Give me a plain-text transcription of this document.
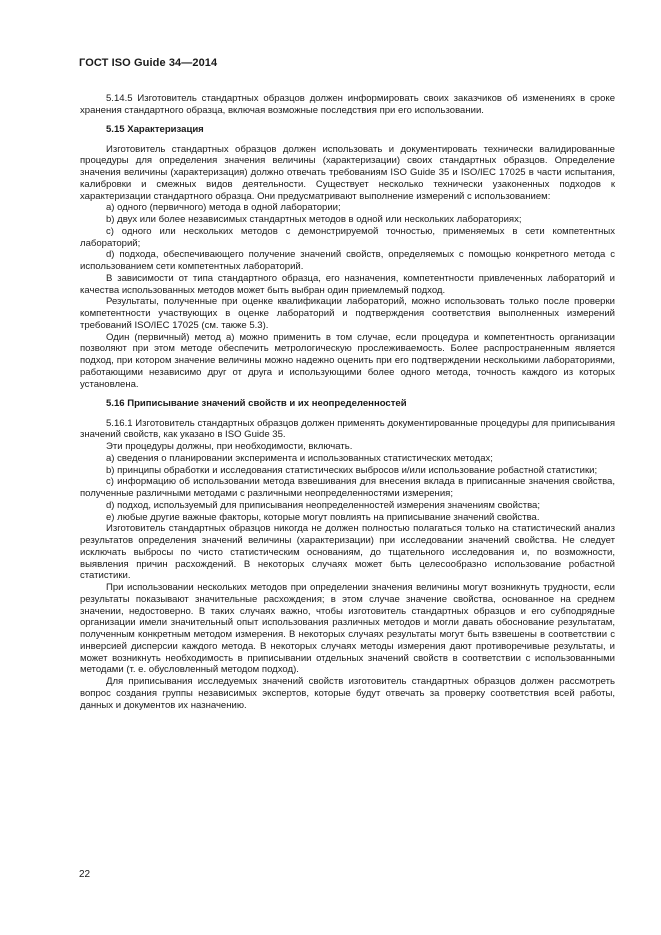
ГОСТ ISO Guide 34—2014

5.14.5 Изготовитель стандартных образцов должен информировать своих заказчиков об изменениях в сроке хранения стандартного образца, включая возможные последствия при его использовании.

5.15 Характеризация

Изготовитель стандартных образцов должен использовать и документировать технически валидированные процедуры для определения значения величины (характеризации) своих стандартных образцов. Определение значения величины (характеризация) должно отвечать требованиям ISO Guide 35 и ISO/IEC 17025 в части испытания, калибровки и смежных видов деятельности. Существует несколько технически узаконенных подходов к характеризации стандартного образца. Они предусматривают выполнение измерений с использованием:

a) одного (первичного) метода в одной лаборатории;

b) двух или более независимых стандартных методов в одной или нескольких лабораториях;

c) одного или нескольких методов с демонстрируемой точностью, применяемых в сети компетентных лабораторий;

d) подхода, обеспечивающего получение значений свойств, определяемых с помощью конкретного метода с использованием сети компетентных лабораторий.

В зависимости от типа стандартного образца, его назначения, компетентности привлеченных лабораторий и качества использованных методов может быть выбран один приемлемый подход.

Результаты, полученные при оценке квалификации лабораторий, можно использовать только после проверки компетентности участвующих в оценке лабораторий и подтверждения соответствия выполненных измерений требований ISO/IEC 17025 (см. также 5.3).

Один (первичный) метод a) можно применить в том случае, если процедура и компетентность организации позволяют при этом методе обеспечить метрологическую прослеживаемость. Более распространенным является подход, при котором значение величины можно надежно оценить при его подтверждении несколькими лабораториями, работающими независимо друг от друга и использующими более одного метода, точность каждого из которых установлена.

5.16 Приписывание значений свойств и их неопределенностей

5.16.1 Изготовитель стандартных образцов должен применять документированные процедуры для приписывания значений свойств, как указано в ISO Guide 35.

Эти процедуры должны, при необходимости, включать.

a) сведения о планировании эксперимента и использованных статистических методах;

b) принципы обработки и исследования статистических выбросов и/или использование робастной статистики;

c) информацию об использовании метода взвешивания для внесения вклада в приписанные значения свойства, полученные различными методами с различными неопределенностями измерения;

d) подход, используемый для приписывания неопределенностей измерения значениям свойства;

e) любые другие важные факторы, которые могут повлиять на приписывание значений свойства.

Изготовитель стандартных образцов никогда не должен полностью полагаться только на статистический анализ результатов определения значений величины (характеризации) при исследовании значений свойства. Не следует исключать выбросы по чисто статистическим основаниям, до тщательного исследования и, по возможности, выявления причин расхождений. В некоторых случаях может быть целесообразно использование робастной статистики.

При использовании нескольких методов при определении значения величины могут возникнуть трудности, если результаты показывают значительные расхождения; в этом случае значение свойства, основанное на среднем значении, недостоверно. В таких случаях важно, чтобы изготовитель стандартных образцов и его субподрядные организации имели значительный опыт использования различных методов и могли давать обоснование результатам, полученным конкретным методом измерения. В некоторых случаях результаты могут быть взвешены в соответствии с инверсией дисперсии каждого метода. В некоторых случаях методы измерения дают противоречивые результаты, и может возникнуть необходимость в приписывании отдельных значений свойств в соответствии с использованными методами (т. е. обусловленный методом подход).

Для приписывания исследуемых значений свойств изготовитель стандартных образцов должен рассмотреть вопрос создания группы независимых экспертов, которые будут отвечать за проверку соответствия всей работы, данных и документов их назначению.

22
